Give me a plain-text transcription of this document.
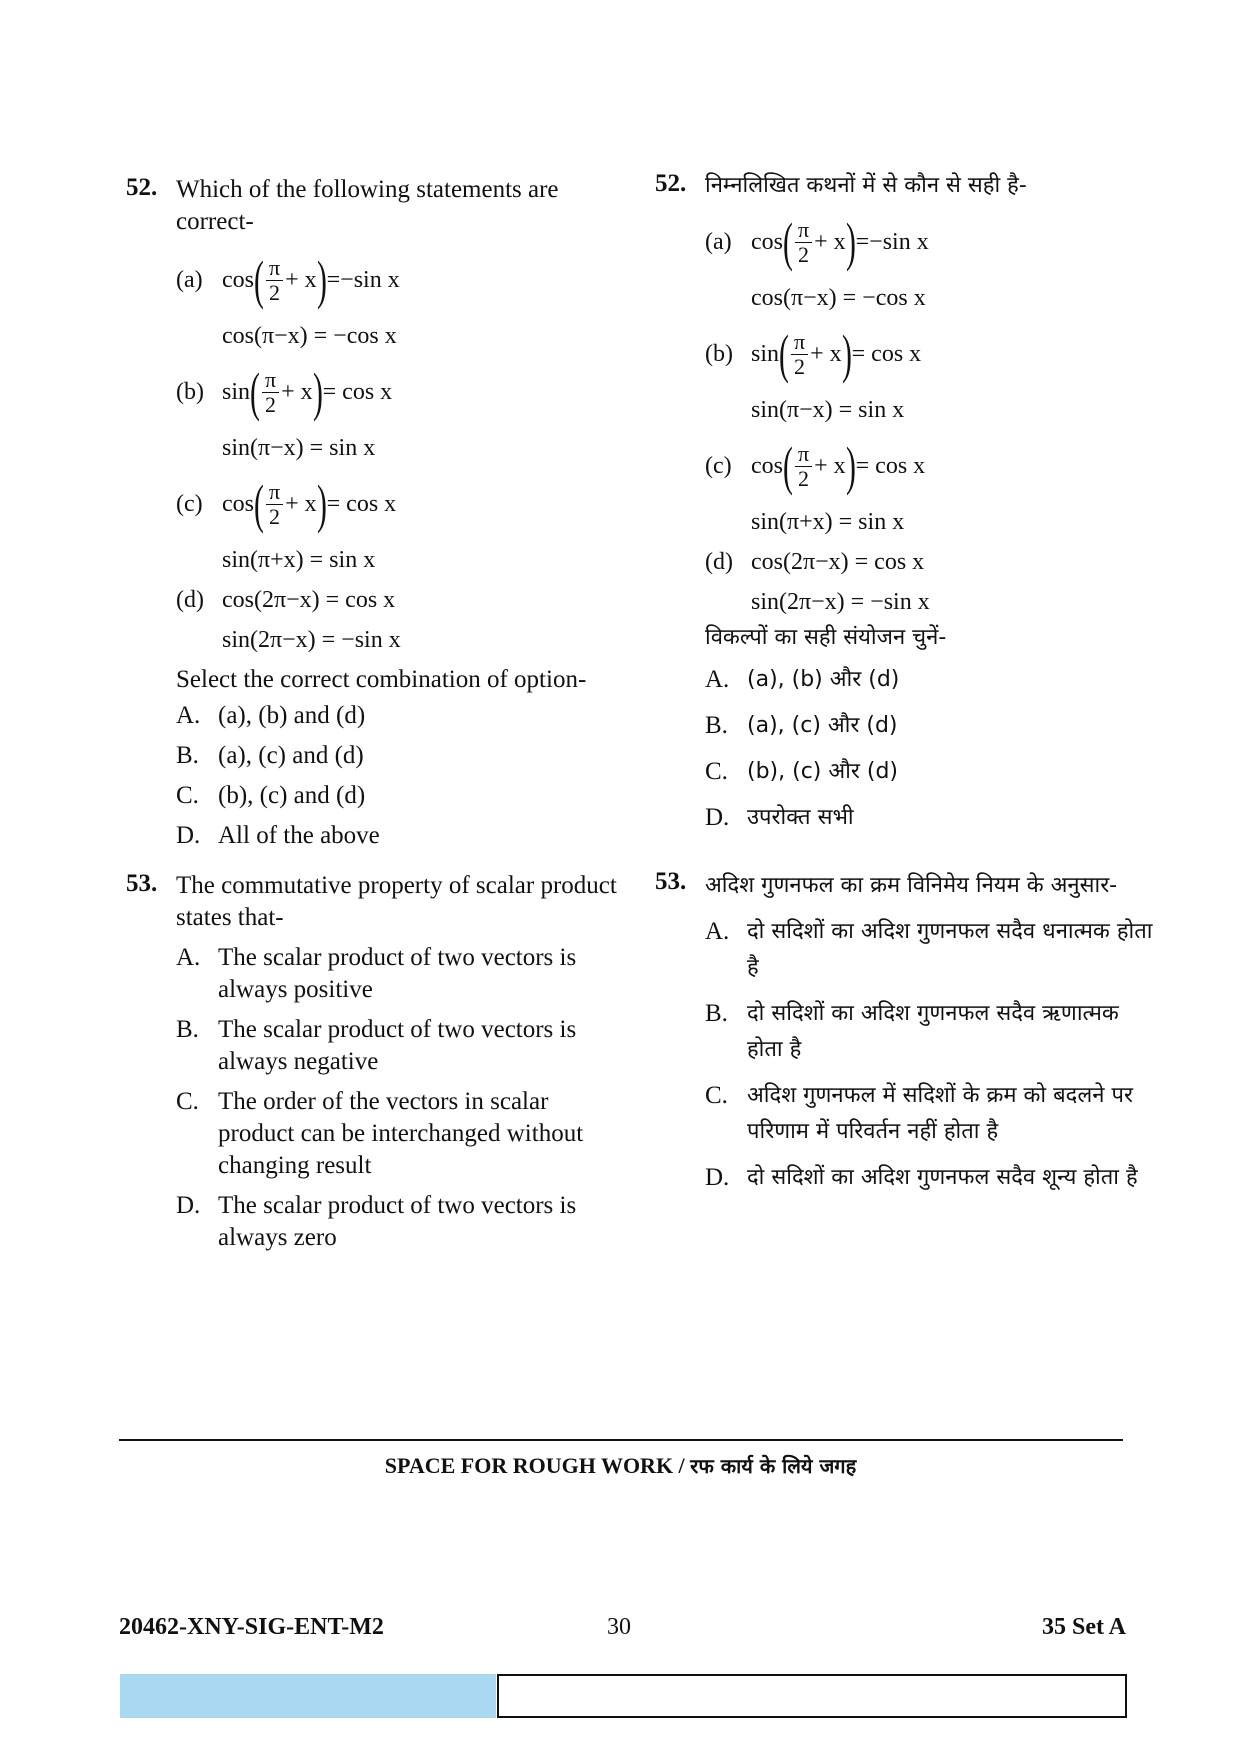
52. Which of the following statements are correct-
(a) cos ( $\frac{\pi}{2} + x$ ) =−sin x
cos(π−x) = −cos x
(b) sin ( $\frac{\pi}{2} + x$ ) = cos x
sin(π−x) = sin x
(c) cos ( $\frac{\pi}{2} + x$ ) = cos x
sin(π+x) = sin x
(d) cos(2π−x) = cos x
sin(2π−x) = −sin x
Select the correct combination of option-
A. (a), (b) and (d)
B. (a), (c) and (d)
C. (b), (c) and (d)
D. All of the above
53. The commutative property of scalar product states that-
A. The scalar product of two vectors is always positive
B. The scalar product of two vectors is always negative
C. The order of the vectors in scalar product can be interchanged without changing result
D. The scalar product of two vectors is always zero
52. निम्नलिखित कथनों में से कौन से सही है-
(a) cos ( $\frac{\pi}{2} + x$ ) =−sin x
cos(π−x) = −cos x
(b) sin ( $\frac{\pi}{2} + x$ ) = cos x
sin(π−x) = sin x
(c) cos ( $\frac{\pi}{2} + x$ ) = cos x
sin(π+x) = sin x
(d) cos(2π−x) = cos x
sin(2π−x) = −sin x
विकल्पों का सही संयोजन चुनें-
A. (a), (b) और (d)
B. (a), (c) और (d)
C. (b), (c) और (d)
D. उपरोक्त सभी
53. अदिश गुणनफल का क्रम विनिमेय नियम के अनुसार-
A. दो सदिशों का अदिश गुणनफल सदैव धनात्मक होता है
B. दो सदिशों का अदिश गुणनफल सदैव ऋणात्मक होता है
C. अदिश गुणनफल में सदिशों के क्रम को बदलने पर परिणाम में परिवर्तन नहीं होता है
D. दो सदिशों का अदिश गुणनफल सदैव शून्य होता है
SPACE FOR ROUGH WORK / रफ कार्य के लिये जगह
20462-XNY-SIG-ENT-M2	30	35 Set A
